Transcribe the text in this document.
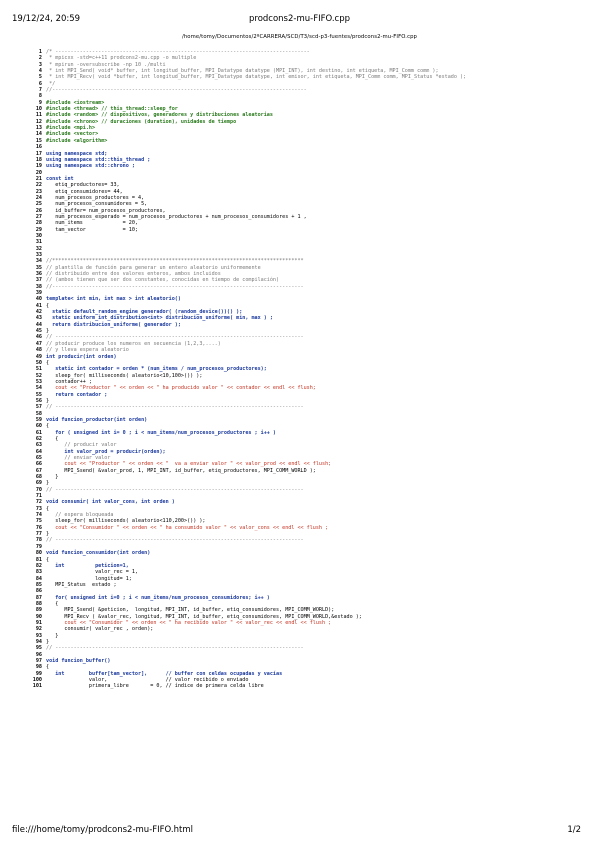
19/12/24, 20:59	prodcons2-mu-FIFO.cpp
/home/tomy/Documentos/2ºCARRERA/SCD/T3/scd-p3-fuentes/prodcons2-mu-FIFO.cpp
1 /* -----------------------------------------------------------------------------------
2 * mpicxx -std=c++11 prodcons2-mu.cpp -o multiple
3 * mpirun -oversubscribe -np 10 ./multi
4 * int MPI_Send( void* buffer, int longitud_buffer, MPI_Datatype datatype (MPI_INT), int destino, int etiqueta, MPI_Comm comm );
5 * int MPI_Recv( void *buffer, int longitud_buffer, MPI_Datatype datatype, int emisor, int etiqueta, MPI_Comm comm, MPI_Status *estado );
6 */
7 //-----------------------------------------------------------------------------------
8
9 #include <iostream>
10 #include <thread> // this_thread::sleep_for
11 #include <random> // dispositivos, generadores y distribuciones aleatorias
12 #include <chrono> // duraciones (duration), unidades de tiempo
13 #include <mpi.h>
14 #include <vector>
15 #include <algorithm>
16
17 using namespace std;
18 using namespace std::this_thread ;
19 using namespace std::chrono ;
20
21 const int
22 etiq_productores= 33,
23 etiq_consumidores= 44,
24 num_procesos_productores = 4,
25 num_procesos_consumidores = 5,
26 id_buffer= num_procesos_productores,
27 num_procesos_esperado = num_procesos_productores + num_procesos_consumidores + 1 ,
28 num_items             = 20,
29 tam_vector            = 10;
30
31
32
33
34 //**********************************************************************************
35 // plantilla de función para generar un entero aleatorio uniformemente
36 // distribuido entre dos valores enteros, ambos incluidos
37 // (ambos tienen que ser dos constantes, conocidas en tiempo de compilación)
38 //----------------------------------------------------------------------------------
39
40 template< int min, int max > int aleatorio()
41 {
42 static default_random_engine generador( (random_device())() );
43 static uniform_int_distribution<int> distribucion_uniforme( min, max ) ;
44 return distribucion_uniforme( generador );
45 }
46 // ---------------------------------------------------------------------------------
47 // ptoducir produce los numeros en secuencia (1,2,3,....)
48 // y lleva espera aleatorio
49 int producir(int orden)
50 {
51 static int contador = orden * (num_items / num_procesos_productores);
52 sleep_for( milliseconds( aleatorio<10,100>()) );
53 contador++ ;
54 cout << "Productor " << orden << " ha producido valor " << contador << endl << flush;
55 return contador ;
56 }
57 // ---------------------------------------------------------------------------------
58
59 void funcion_productor(int orden)
60 {
61 for ( unsigned int i= 0 ; i < num_items/num_procesos_productores ; i++ )
62 {
63 // producir valor
64 int valor_prod = producir(orden);
65 // enviar valor
66 cout << "Productor " << orden << "  va a enviar valor " << valor_prod << endl << flush;
67 MPI_Ssend( &valor_prod, 1, MPI_INT, id_buffer, etiq_productores, MPI_COMM_WORLD );
68 }
69 }
70 // ---------------------------------------------------------------------------------
71
72 void consumir( int valor_cons, int orden )
73 {
74 // espera bloqueada
75 sleep_for( milliseconds( aleatorio<110,200>()) );
76 cout << "Consumidor " << orden << " ha consumido valor " << valor_cons << endl << flush ;
77 }
78 // ---------------------------------------------------------------------------------
79
80 void funcion_consumidor(int orden)
81 {
82 int          peticion=1,
83 valor_rec = 1,
84 longitud= 1;
85 MPI_Status  estado ;
86
87 for( unsigned int i=0 ; i < num_items/num_procesos_consumidores; i++ )
88 {
89 MPI_Ssend( &peticion,  longitud, MPI_INT, id_buffer, etiq_consumidores, MPI_COMM_WORLD);
90 MPI_Recv ( &valor_rec, longitud, MPI_INT, id_buffer, etiq_consumidores, MPI_COMM_WORLD,&estado );
91 cout << "Consumidor " << orden << " ha recibido valor " << valor_rec << endl << flush ;
92 consumir( valor_rec , orden);
93 }
94 }
95 // ---------------------------------------------------------------------------------
96
97 void funcion_buffer()
98 {
99 int        buffer[tam_vector],      // buffer con celdas ocupadas y vacías
100 valor,                   // valor recibido o enviado
101 primera_libre       = 0, // índice de primera celda libre
file:///home/tomy/prodcons2-mu-FIFO.html	1/2
